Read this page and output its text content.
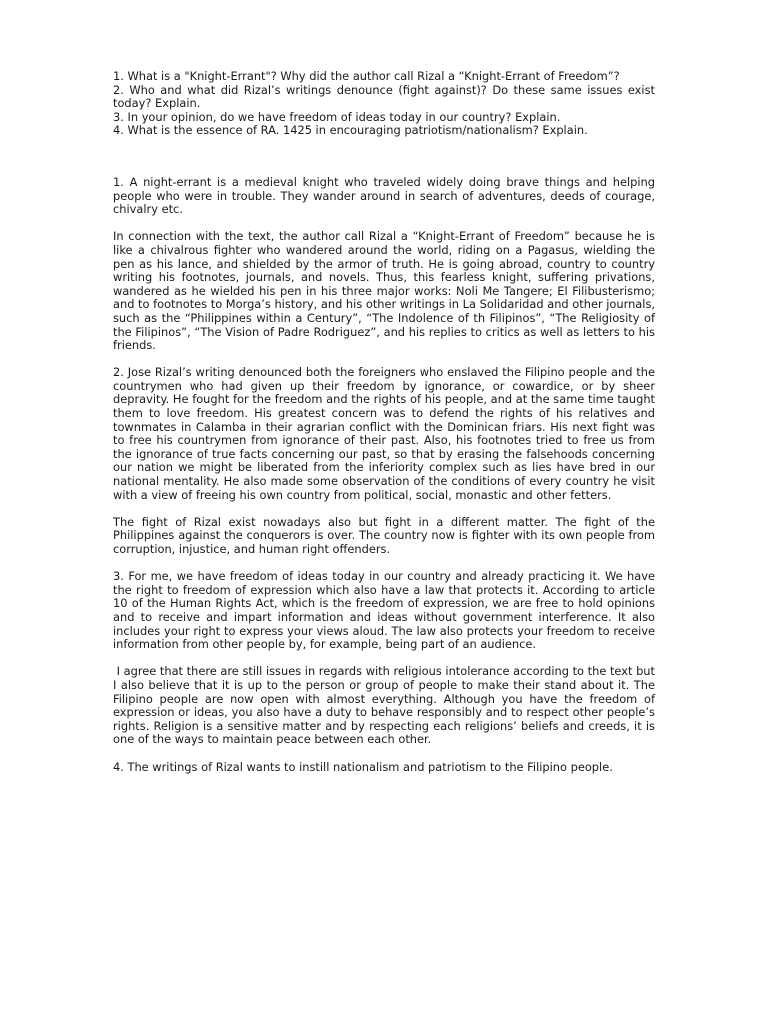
1. What is a "Knight-Errant"? Why did the author call Rizal a “Knight-Errant of Freedom”?

2. Who and what did Rizal’s writings denounce (fight against)? Do these same issues exist today? Explain.

3. In your opinion, do we have freedom of ideas today in our country? Explain.

4. What is the essence of RA. 1425 in encouraging patriotism/nationalism? Explain.

1. A night-errant is a medieval knight who traveled widely doing brave things and helping people who were in trouble. They wander around in search of adventures, deeds of courage, chivalry etc.

In connection with the text, the author call Rizal a “Knight-Errant of Freedom” because he is like a chivalrous fighter who wandered around the world, riding on a Pagasus, wielding the pen as his lance, and shielded by the armor of truth. He is going abroad, country to country writing his footnotes, journals, and novels. Thus, this fearless knight, suffering privations, wandered as he wielded his pen in his three major works: Noli Me Tangere; El Filibusterismo; and to footnotes to Morga’s history, and his other writings in La Solidaridad and other journals, such as the “Philippines within a Century”, “The Indolence of th Filipinos”, “The Religiosity of the Filipinos”, “The Vision of Padre Rodriguez”, and his replies to critics as well as letters to his friends.

2. Jose Rizal’s writing denounced both the foreigners who enslaved the Filipino people and the countrymen who had given up their freedom by ignorance, or cowardice, or by sheer depravity. He fought for the freedom and the rights of his people, and at the same time taught them to love freedom. His greatest concern was to defend the rights of his relatives and townmates in Calamba in their agrarian conflict with the Dominican friars. His next fight was to free his countrymen from ignorance of their past. Also, his footnotes tried to free us from the ignorance of true facts concerning our past, so that by erasing the falsehoods concerning our nation we might be liberated from the inferiority complex such as lies have bred in our national mentality. He also made some observation of the conditions of every country he visit with a view of freeing his own country from political, social, monastic and other fetters.

The fight of Rizal exist nowadays also but fight in a different matter. The fight of the Philippines against the conquerors is over. The country now is fighter with its own people from corruption, injustice, and human right offenders.

3. For me, we have freedom of ideas today in our country and already practicing it. We have the right to freedom of expression which also have a law that protects it. According to article 10 of the Human Rights Act, which is the freedom of expression, we are free to hold opinions and to receive and impart information and ideas without government interference. It also includes your right to express your views aloud. The law also protects your freedom to receive information from other people by, for example, being part of an audience.

I agree that there are still issues in regards with religious intolerance according to the text but I also believe that it is up to the person or group of people to make their stand about it. The Filipino people are now open with almost everything. Although you have the freedom of expression or ideas, you also have a duty to behave responsibly and to respect other people’s rights. Religion is a sensitive matter and by respecting each religions’ beliefs and creeds, it is one of the ways to maintain peace between each other.

4. The writings of Rizal wants to instill nationalism and patriotism to the Filipino people.
